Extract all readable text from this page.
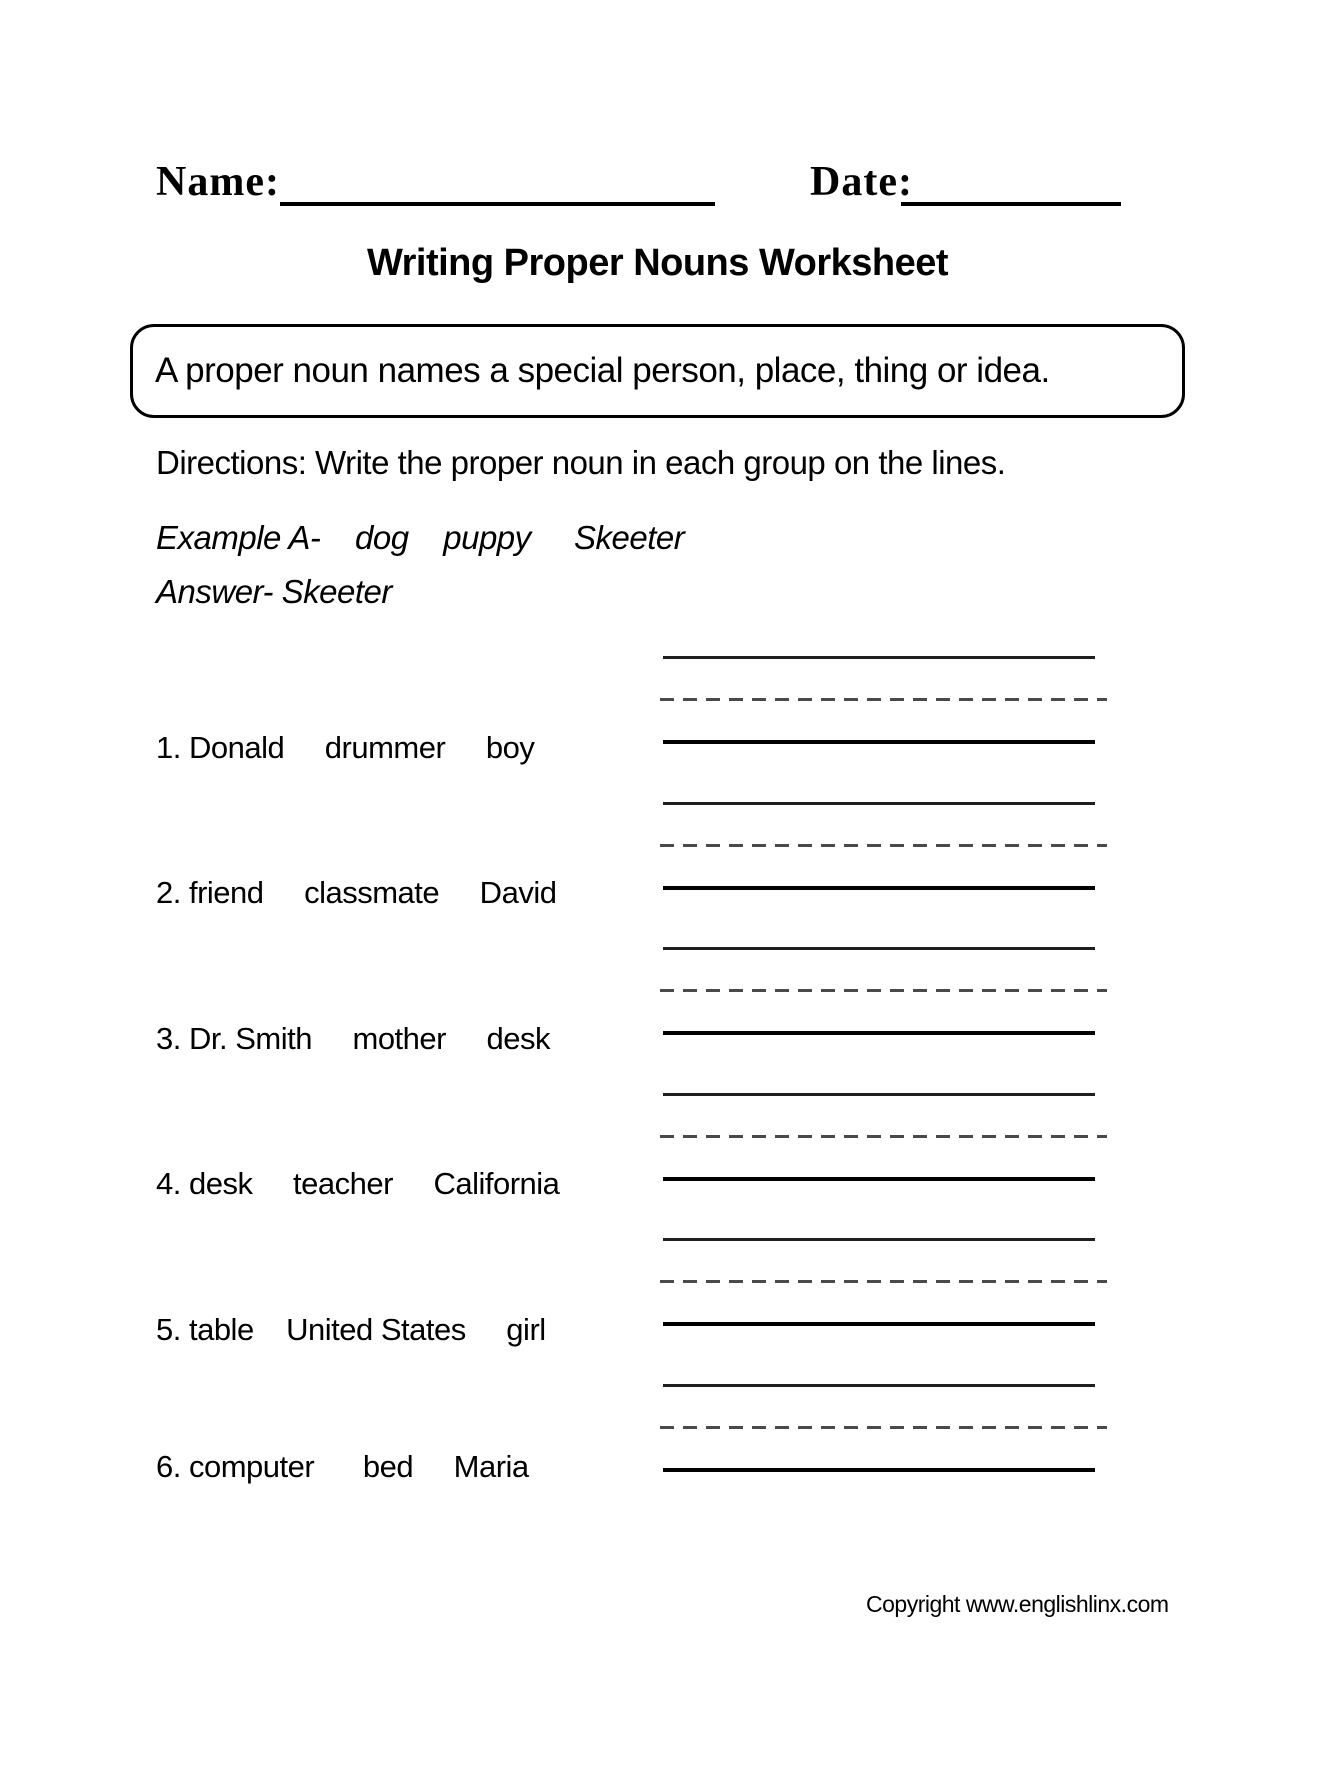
Name:	Date:
Writing Proper Nouns Worksheet
A proper noun names a special person, place, thing or idea.
Directions: Write the proper noun in each group on the lines.
Example A-    dog    puppy     Skeeter
Answer- Skeeter
1. Donald     drummer     boy
2. friend     classmate     David
3. Dr. Smith     mother     desk
4. desk     teacher     California
5. table    United States     girl
6. computer      bed     Maria
Copyright www.englishlinx.com
